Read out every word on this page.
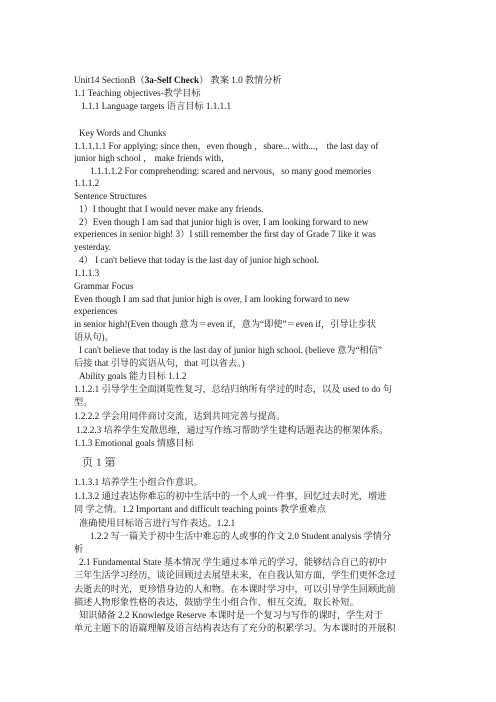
Unit14 SectionB（3a-Self Check） 教案 1.0 教情分析
1.1 Teaching objectives-教学目标
1.1.1 Language targets 语言目标 1.1.1.1
Key Words and Chunks
1.1.1.1.1 For applying: since then，even though ，share... with...， the last day of
junior high school ， make friends with，
1.1.1.1.2 For comprehending: scared and nervous，so many good memories
1.1.1.2
Sentence Structures
1）I thought that I would never make any friends.
2）Even though I am sad that junior high is over, I am looking forward to new
experiences in senior high! 3）I still remember the first day of Grade 7 like it was
yesterday.
4） I can't believe that today is the last day of junior high school.
1.1.1.3
Grammar Focus
Even though I am sad that junior high is over, I am looking forward to new
experiences
in senior high!(Even though 意为＝even if，意为“即使”＝even if，引导让步状
语从句)。
I can't believe that today is the last day of junior high school. (believe 意为“相信”
后接 that 引导的宾语从句，that 可以省去。)
Ability goals 能力目标 1.1.2
1.1.2.1 引导学生全面浏览性复习，总结归纳所有学过的时态，以及 used to do 句
型。
1.2.2.2 学会用同伴商讨交流，达到共同完善与提高。
1.2.2.3 培养学生发散思维，通过写作练习帮助学生建构话题表达的框架体系。
1.1.3 Emotional goals 情感目标
页 1 第
1.1.3.1 培养学生小组合作意识。
1.1.3.2 通过表达你难忘的初中生活中的一个人或一件事，回忆过去时光，增进
同 学之情。1.2 Important and difficult teaching points 教学重难点
准确使用目标语言进行写作表达。1.2.1
1.2.2 写一篇关于初中生活中难忘的人或事的作文 2.0 Student analysis 学情分
析
2.1 Fundamental State 基本情况 学生通过本单元的学习，能够结合自己的初中
三年生活学习经历，谈论回顾过去展望未来，在自我认知方面，学生们更怀念过
去逝去的时光，更珍惜身边的人和物。在本课时学习中，可以引导学生回顾此前
描述人物形象性格的表达，鼓励学生小组合作，相互交流，取长补短。
知识储备 2.2 Knowledge Reserve 本课时是一个复习与写作的课时，学生对于
单元主题下的语篇理解及语言结构表达有了充分的积累学习。为本课时的开展积
